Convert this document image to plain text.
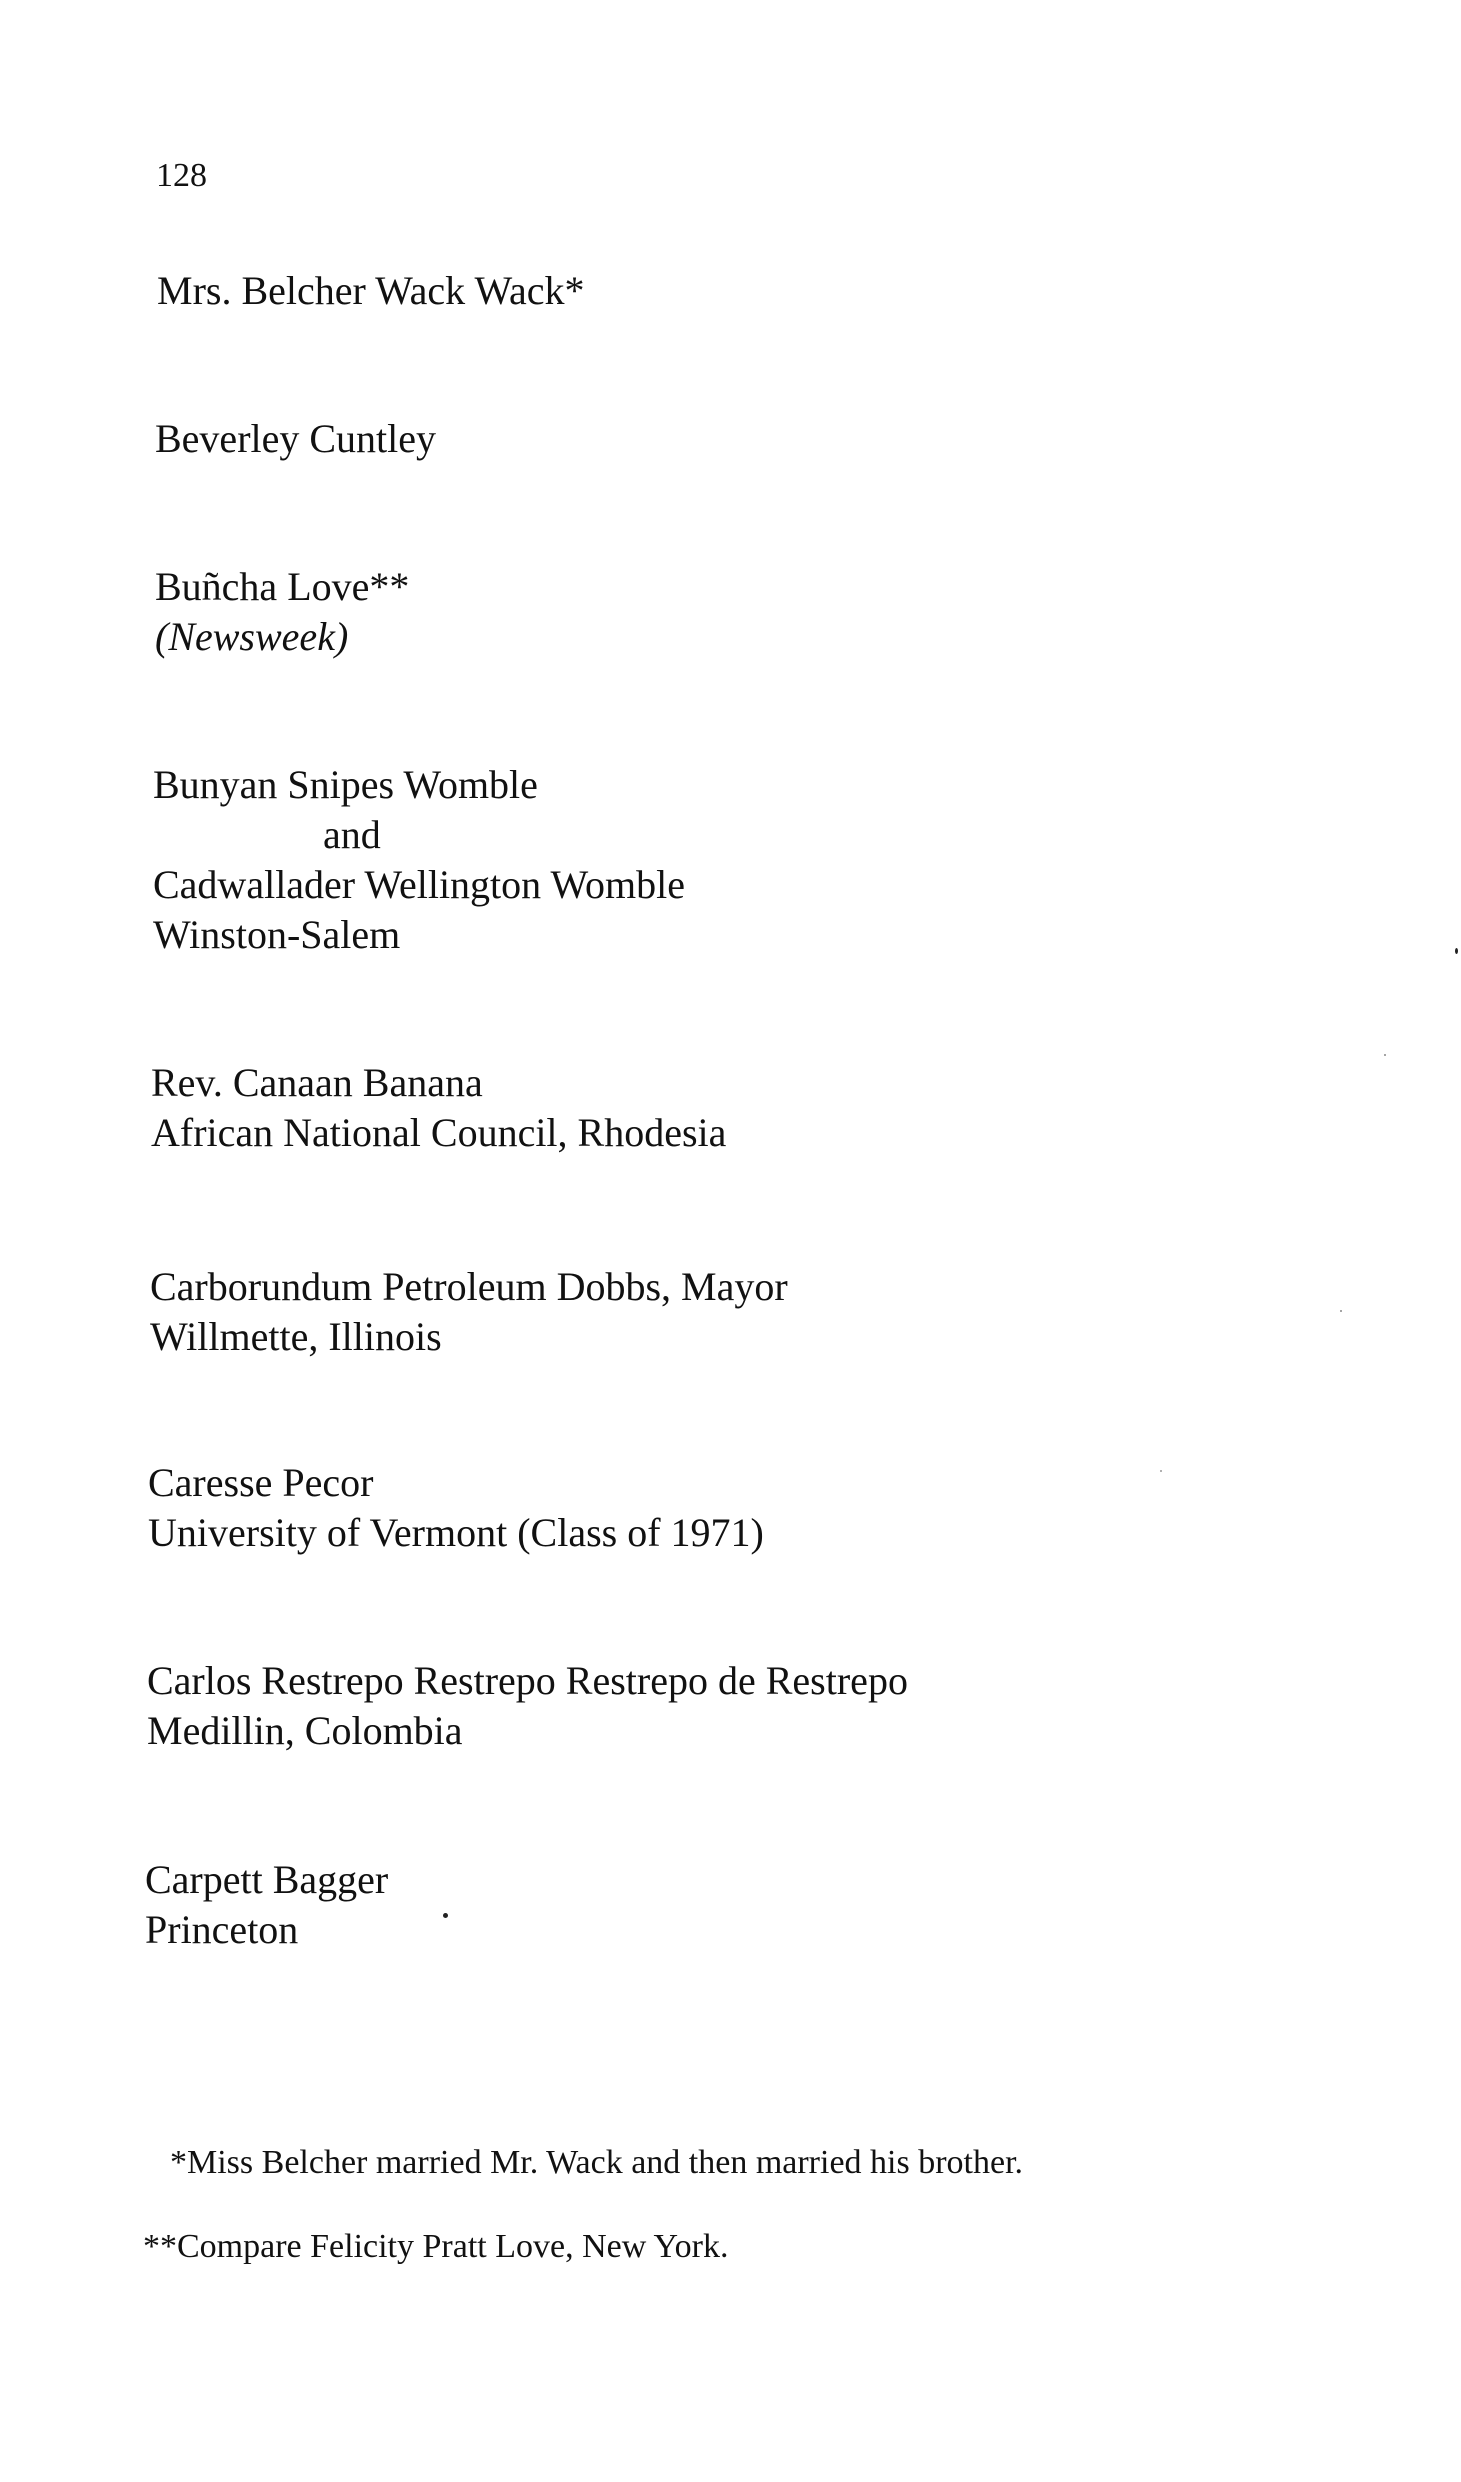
128
Mrs. Belcher Wack Wack*
Beverley Cuntley
Buñcha Love**
(Newsweek)
Bunyan Snipes Womble
and
Cadwallader Wellington Womble
Winston-Salem
Rev. Canaan Banana
African National Council, Rhodesia
Carborundum Petroleum Dobbs, Mayor
Willmette, Illinois
Caresse Pecor
University of Vermont (Class of 1971)
Carlos Restrepo Restrepo Restrepo de Restrepo
Medillin, Colombia
Carpett Bagger
Princeton
*Miss Belcher married Mr. Wack and then married his brother.
**Compare Felicity Pratt Love, New York.
